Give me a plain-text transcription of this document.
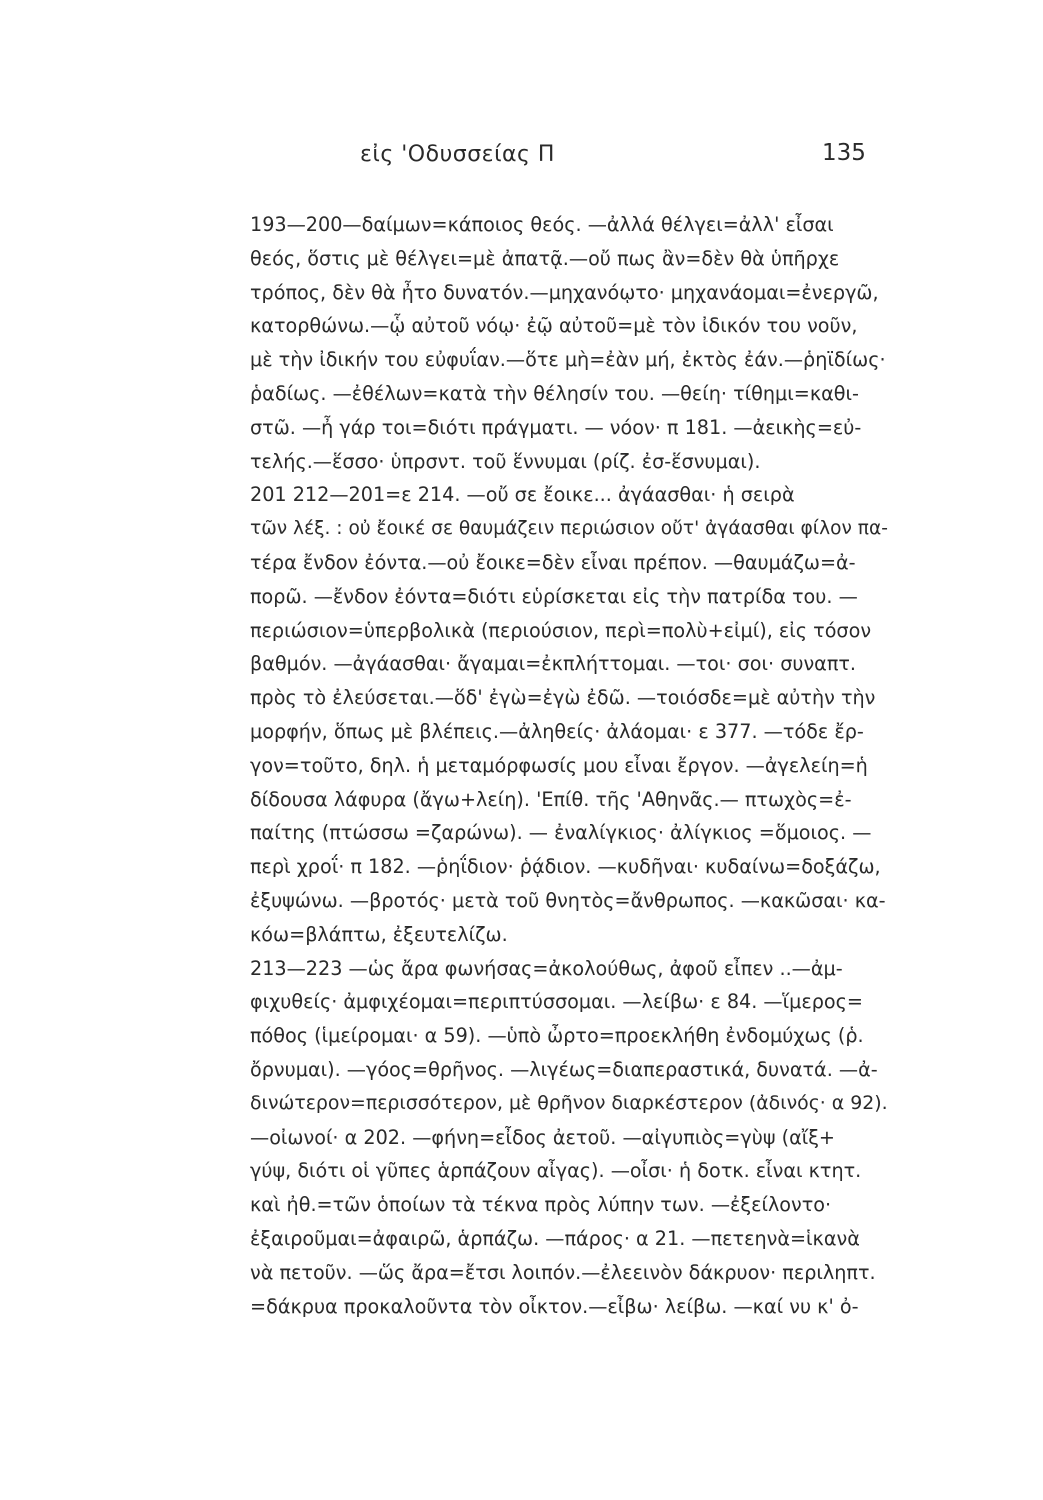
εἰς 'Οδυσσείας Π	135
193—200—δαίμων=κάποιος θεός. —ἀλλά θέλγει=ἀλλ' εἶσαι
θεός, ὅστις μὲ θέλγει=μὲ ἀπατᾷ.—οὔ πως ἂν=δὲν θὰ ὑπῆρχε
τρόπος, δὲν θὰ ἦτο δυνατόν.—μηχανόῳτο· μηχανάομαι=ἐνεργῶ,
κατορθώνω.—ᾧ αὐτοῦ νόῳ· ἐῷ αὐτοῦ=μὲ τὸν ἰδικόν του νοῦν,
μὲ τὴν ἰδικήν του εὐφυΐαν.—ὅτε μὴ=ἐὰν μή, ἐκτὸς ἐάν.—ῥηϊδίως·
ῥαδίως. —ἐθέλων=κατὰ τὴν θέλησίν του. —θείη· τίθημι=καθι-
στῶ. —ἦ γάρ τοι=διότι πράγματι. — νόον· π 181. —ἀεικὴς=εὐ-
τελής.—ἕσσο· ὑπρσντ. τοῦ ἕννυμαι (ρίζ. ἐσ-ἕσνυμαι).
201 212—201=ε 214. —οὔ σε ἔοικε... ἀγάασθαι· ἡ σειρὰ
τῶν λέξ. : οὐ ἔοικέ σε θαυμάζειν περιώσιον οὔτ' ἀγάασθαι φίλον πα-
τέρα ἔνδον ἐόντα.—οὐ ἔοικε=δὲν εἶναι πρέπον. —θαυμάζω=ἀ-
πορῶ. —ἔνδον ἐόντα=διότι εὑρίσκεται εἰς τὴν πατρίδα του. —
περιώσιον=ὑπερβολικὰ (περιούσιον, περὶ=πολὺ+εἰμί), εἰς τόσον
βαθμόν. —ἀγάασθαι· ἄγαμαι=ἐκπλήττομαι. —τοι· σοι· συναπτ.
πρὸς τὸ ἐλεύσεται.—ὅδ' ἐγὼ=ἐγὼ ἐδῶ. —τοιόσδε=μὲ αὐτὴν τὴν
μορφήν, ὅπως μὲ βλέπεις.—ἀληθείς· ἀλάομαι· ε 377. —τόδε ἔρ-
γον=τοῦτο, δηλ. ἡ μεταμόρφωσίς μου εἶναι ἔργον. —ἀγελείη=ἡ
δίδουσα λάφυρα (ἄγω+λείη). 'Επίθ. τῆς 'Αθηνᾶς.— πτωχὸς=ἐ-
παίτης (πτώσσω =ζαρώνω). — ἐναλίγκιος· ἀλίγκιος =ὅμοιος. —
περὶ χροΐ· π 182. —ῥηΐδιον· ῥᾴδιον. —κυδῆναι· κυδαίνω=δοξάζω,
ἐξυψώνω. —βροτός· μετὰ τοῦ θνητὸς=ἄνθρωπος. —κακῶσαι· κα-
κόω=βλάπτω, ἐξευτελίζω.
213—223 —ὡς ἄρα φωνήσας=ἀκολούθως, ἀφοῦ εἶπεν ..—ἀμ-
φιχυθείς· ἀμφιχέομαι=περιπτύσσομαι. —λείβω· ε 84. —ἵμερος=
πόθος (ἱμείρομαι· α 59). —ὑπὸ ὦρτο=προεκλήθη ἐνδομύχως (ῥ.
ὄρνυμαι). —γόος=θρῆνος. —λιγέως=διαπεραστικά, δυνατά. —ἀ-
δινώτερον=περισσότερον, μὲ θρῆνον διαρκέστερον (ἀδινός· α 92).
—οἰωνοί· α 202. —φήνη=εἶδος ἀετοῦ. —αἰγυπιὸς=γὺψ (αἴξ+
γύψ, διότι οἱ γῦπες ἁρπάζουν αἶγας). —οἶσι· ἡ δοτκ. εἶναι κτητ.
καὶ ἠθ.=τῶν ὁποίων τὰ τέκνα πρὸς λύπην των. —ἐξείλοντο·
ἐξαιροῦμαι=ἀφαιρῶ, ἁρπάζω. —πάρος· α 21. —πετεηνὰ=ἱκανὰ
νὰ πετοῦν. —ὥς ἄρα=ἔτσι λοιπόν.—ἐλεεινὸν δάκρυον· περιληπτ.
=δάκρυα προκαλοῦντα τὸν οἶκτον.—εἶβω· λείβω. —καί νυ κ' ὀ-
